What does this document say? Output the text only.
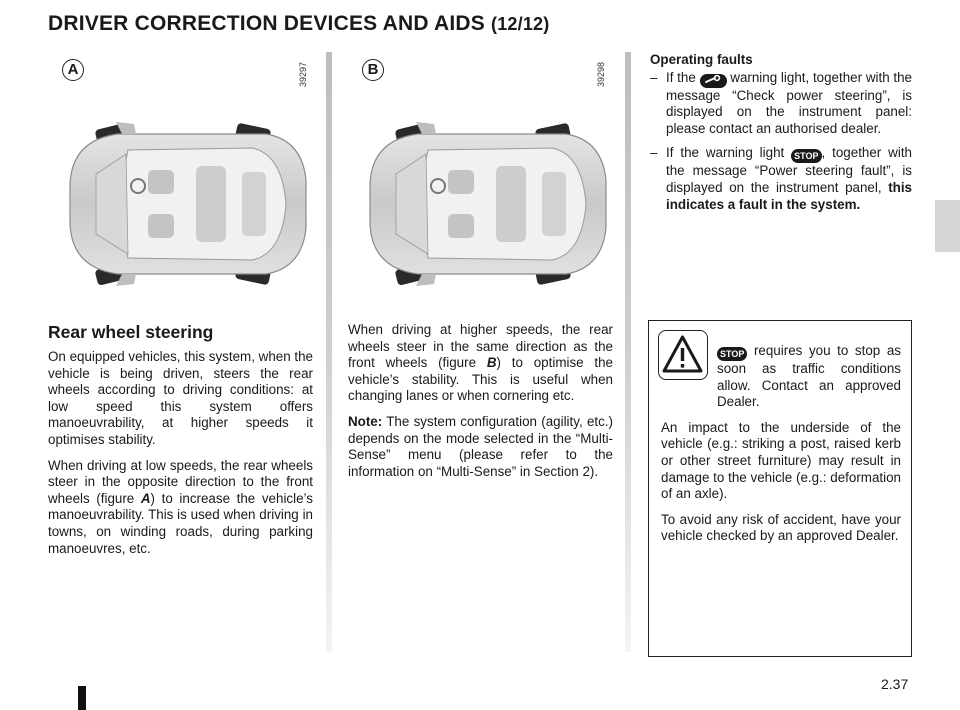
DRIVER CORRECTION DEVICES AND AIDS (12/12)
A	39297	B	39298
Rear wheel steering

On equipped vehicles, this system, when the vehicle is being driven, steers the rear wheels according to driving conditions: at low speed this system offers manoeuvrability, at higher speeds it optimises stability.

When driving at low speeds, the rear wheels steer in the opposite direction to the front wheels (figure A) to increase the vehicle’s manoeuvrability. This is used when driving in towns, on winding roads, during parking manoeuvres, etc.

When driving at higher speeds, the rear wheels steer in the same direction as the front wheels (figure B) to optimise the vehicle’s stability. This is useful when changing lanes or when cornering etc.

Note: The system configuration (agility, etc.) depends on the mode selected in the “Multi-Sense” menu (please refer to the information on “Multi-Sense” in Section 2).

Operating faults

– If the  warning light, together with the message “Check power steering”, is displayed on the instrument panel: please contact an authorised dealer.
– If the warning light STOP , together with the message “Power steering fault”, is displayed on the instrument panel, this indicates a fault in the system.

STOP requires you to stop as soon as traffic conditions allow. Contact an approved Dealer.

An impact to the underside of the vehicle (e.g.: striking a post, raised kerb or other street furniture) may result in damage to the vehicle (e.g.: deformation of an axle).

To avoid any risk of accident, have your vehicle checked by an approved Dealer.

2.37
